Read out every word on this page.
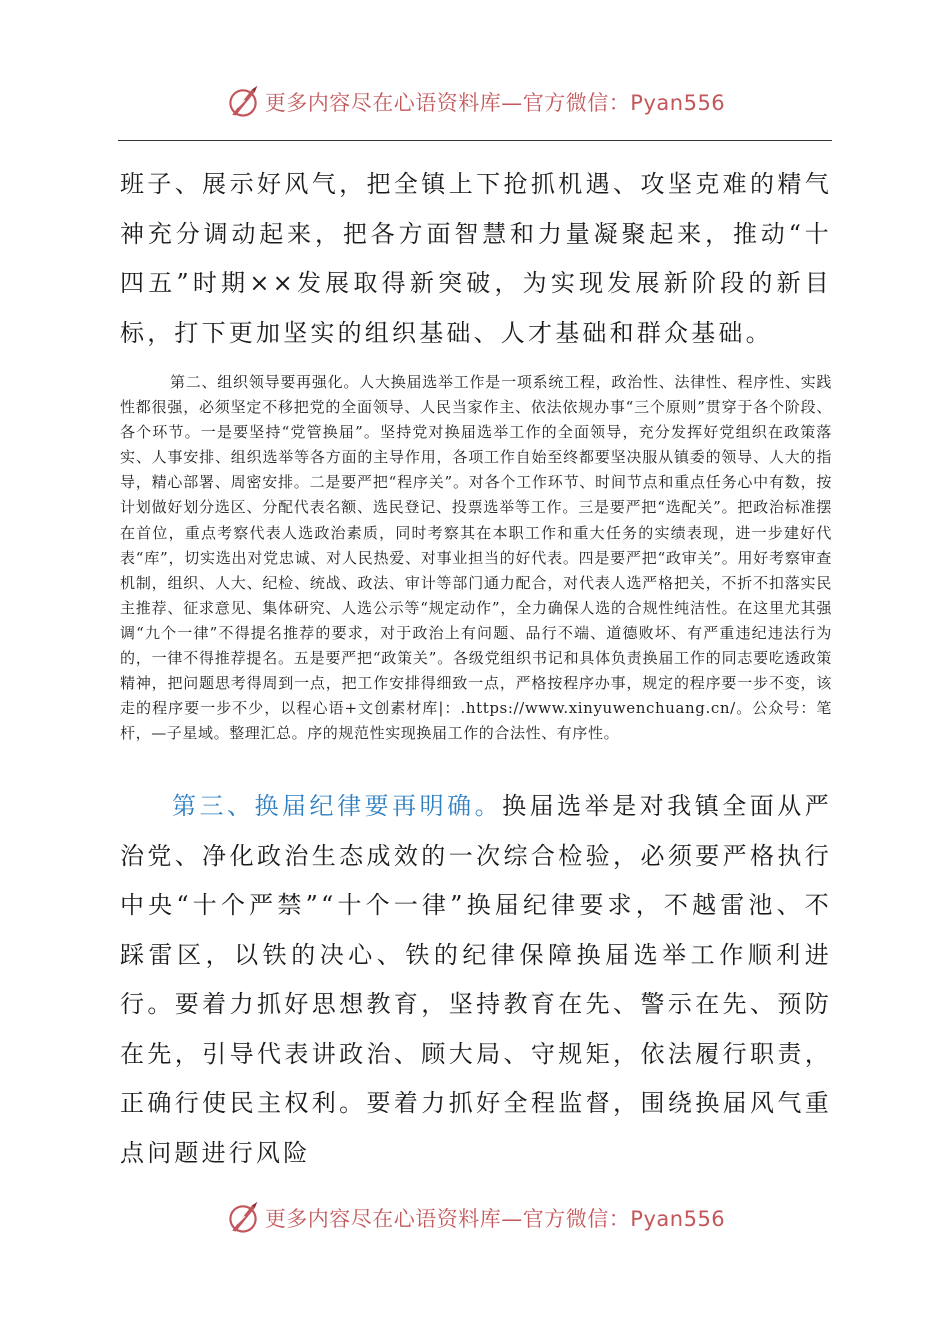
更多内容尽在心语资料库—官方微信：Pyan556

班子、展示好风气，把全镇上下抢抓机遇、攻坚克难的精气神充分调动起来，把各方面智慧和力量凝聚起来，推动“十四五”时期××发展取得新突破，为实现发展新阶段的新目标，打下更加坚实的组织基础、人才基础和群众基础。

第二、组织领导要再强化。人大换届选举工作是一项系统工程，政治性、法律性、程序性、实践性都很强，必须坚定不移把党的全面领导、人民当家作主、依法依规办事“三个原则”贯穿于各个阶段、各个环节。一是要坚持“党管换届”。坚持党对换届选举工作的全面领导，充分发挥好党组织在政策落实、人事安排、组织选举等各方面的主导作用，各项工作自始至终都要坚决服从镇委的领导、人大的指导，精心部署、周密安排。二是要严把“程序关”。对各个工作环节、时间节点和重点任务心中有数，按计划做好划分选区、分配代表名额、选民登记、投票选举等工作。三是要严把“选配关”。把政治标准摆在首位，重点考察代表人选政治素质，同时考察其在本职工作和重大任务的实绩表现，进一步建好代表“库”，切实选出对党忠诚、对人民热爱、对事业担当的好代表。四是要严把“政审关”。用好考察审查机制，组织、人大、纪检、统战、政法、审计等部门通力配合，对代表人选严格把关，不折不扣落实民主推荐、征求意见、集体研究、人选公示等“规定动作”，全力确保人选的合规性纯洁性。在这里尤其强调“九个一律”不得提名推荐的要求，对于政治上有问题、品行不端、道德败坏、有严重违纪违法行为的，一律不得推荐提名。五是要严把“政策关”。各级党组织书记和具体负责换届工作的同志要吃透政策精神，把问题思考得周到一点，把工作安排得细致一点，严格按程序办事，规定的程序要一步不变，该走的程序要一步不少，以程心语+文创素材库|：.https://www.xinyuwenchuang.cn/。公众号：笔杆，—子星域。整理汇总。序的规范性实现换届工作的合法性、有序性。

第三、换届纪律要再明确。换届选举是对我镇全面从严治党、净化政治生态成效的一次综合检验，必须要严格执行中央“十个严禁”“十个一律”换届纪律要求，不越雷池、不踩雷区，以铁的决心、铁的纪律保障换届选举工作顺利进行。要着力抓好思想教育，坚持教育在先、警示在先、预防在先，引导代表讲政治、顾大局、守规矩，依法履行职责，正确行使民主权利。要着力抓好全程监督，围绕换届风气重点问题进行风险

更多内容尽在心语资料库—官方微信：Pyan556
